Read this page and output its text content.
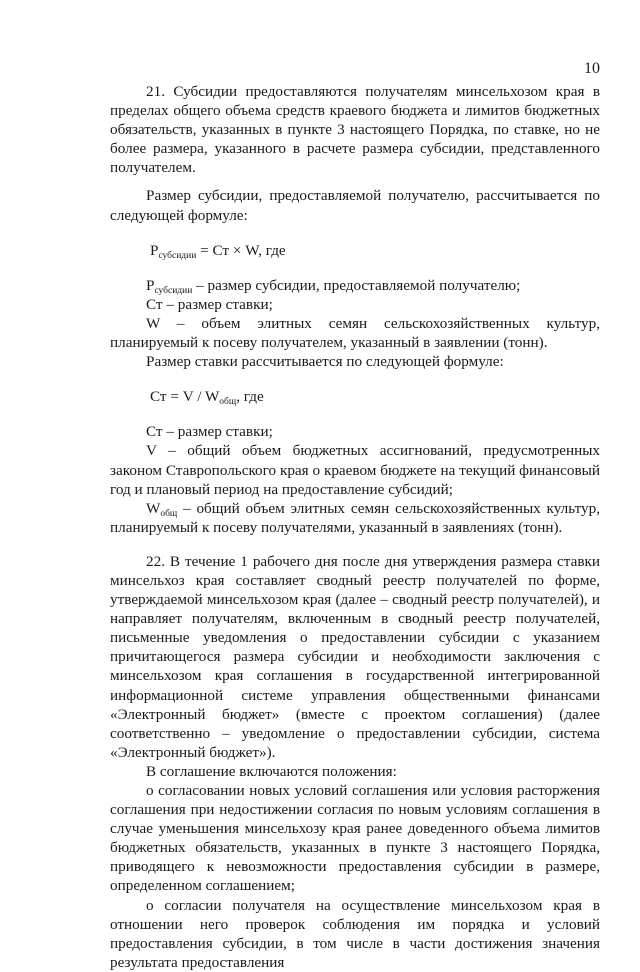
10

21. Субсидии предоставляются получателям минсельхозом края в пределах общего объема средств краевого бюджета и лимитов бюджетных обязательств, указанных в пункте 3 настоящего Порядка, по ставке, но не более размера, указанного в расчете размера субсидии, представленного получателем.

Размер субсидии, предоставляемой получателю, рассчитывается по следующей формуле:

$P_{субсидии}$ = Ст × W, где

$P_{субсидии}$ – размер субсидии, предоставляемой получателю;

Ст – размер ставки;

W – объем элитных семян сельскохозяйственных культур, планируемый к посеву получателем, указанный в заявлении (тонн).

Размер ставки рассчитывается по следующей формуле:

Ст = V / $W_{общ}$, где

Ст – размер ставки;

V – общий объем бюджетных ассигнований, предусмотренных законом Ставропольского края о краевом бюджете на текущий финансовый год и плановый период на предоставление субсидий;

$W_{общ}$ – общий объем элитных семян сельскохозяйственных культур, планируемый к посеву получателями, указанный в заявлениях (тонн).

22. В течение 1 рабочего дня после дня утверждения размера ставки минсельхоз края составляет сводный реестр получателей по форме, утверждаемой минсельхозом края (далее – сводный реестр получателей), и направляет получателям, включенным в сводный реестр получателей, письменные уведомления о предоставлении субсидии с указанием причитающегося размера субсидии и необходимости заключения с минсельхозом края соглашения в государственной интегрированной информационной системе управления общественными финансами «Электронный бюджет» (вместе с проектом соглашения) (далее соответственно – уведомление о предоставлении субсидии, система «Электронный бюджет»).

В соглашение включаются положения:

о согласовании новых условий соглашения или условия расторжения соглашения при недостижении согласия по новым условиям соглашения в случае уменьшения минсельхозу края ранее доведенного объема лимитов бюджетных обязательств, указанных в пункте 3 настоящего Порядка, приводящего к невозможности предоставления субсидии в размере, определенном соглашением;

о согласии получателя на осуществление минсельхозом края в отношении него проверок соблюдения им порядка и условий предоставления субсидии, в том числе в части достижения значения результата предоставления
